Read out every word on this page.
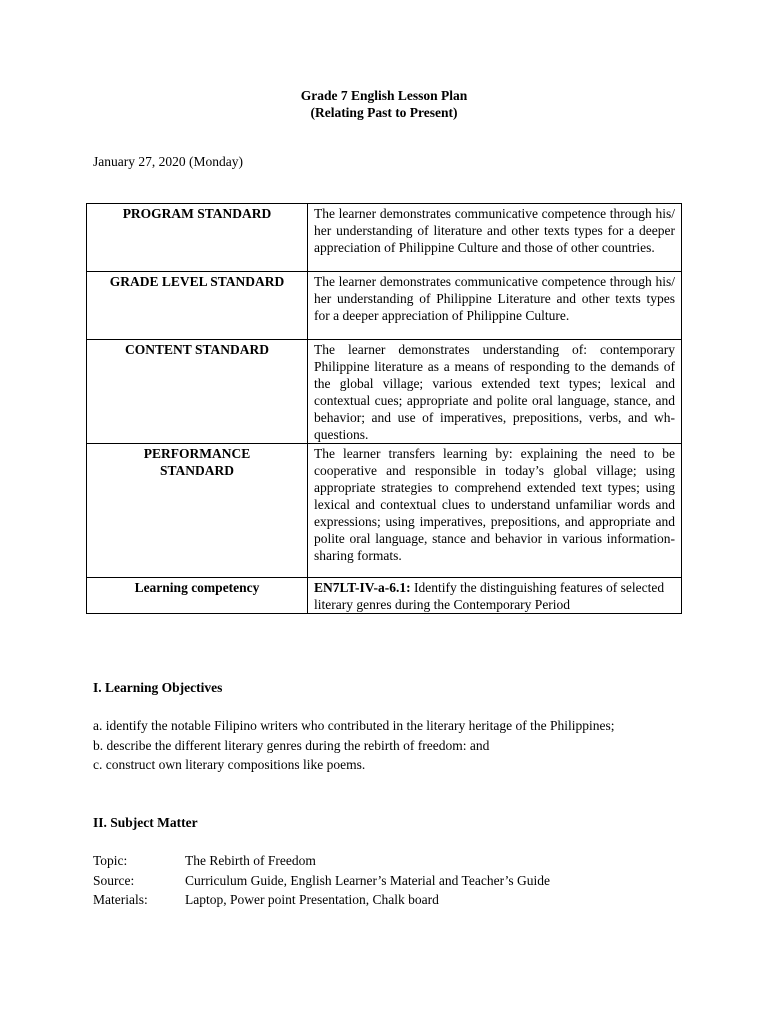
Grade 7 English Lesson Plan
(Relating Past to Present)
January 27, 2020 (Monday)
PROGRAM STANDARD	The learner demonstrates communicative competence through his/ her understanding of literature and other texts types for a deeper appreciation of Philippine Culture and those of other countries.
GRADE LEVEL STANDARD	The learner demonstrates communicative competence through his/ her understanding of Philippine Literature and other texts types for a deeper appreciation of Philippine Culture.
CONTENT STANDARD	The learner demonstrates understanding of: contemporary Philippine literature as a means of responding to the demands of the global village; various extended text types; lexical and contextual cues; appropriate and polite oral language, stance, and behavior; and use of imperatives, prepositions, verbs, and wh-questions.
PERFORMANCE STANDARD	The learner transfers learning by: explaining the need to be cooperative and responsible in today’s global village; using appropriate strategies to comprehend extended text types; using lexical and contextual clues to understand unfamiliar words and expressions; using imperatives, prepositions, and appropriate and polite oral language, stance and behavior in various information-sharing formats.
Learning competency	EN7LT-IV-a-6.1: Identify the distinguishing features of selected literary genres during the Contemporary Period
I. Learning Objectives

a. identify the notable Filipino writers who contributed in the literary heritage of the Philippines;

b. describe the different literary genres during the rebirth of freedom: and

c. construct own literary compositions like poems.

II. Subject Matter
Topic:	The Rebirth of Freedom
Source:	Curriculum Guide, English Learner’s Material and Teacher’s Guide
Materials:	Laptop, Power point Presentation, Chalk board
